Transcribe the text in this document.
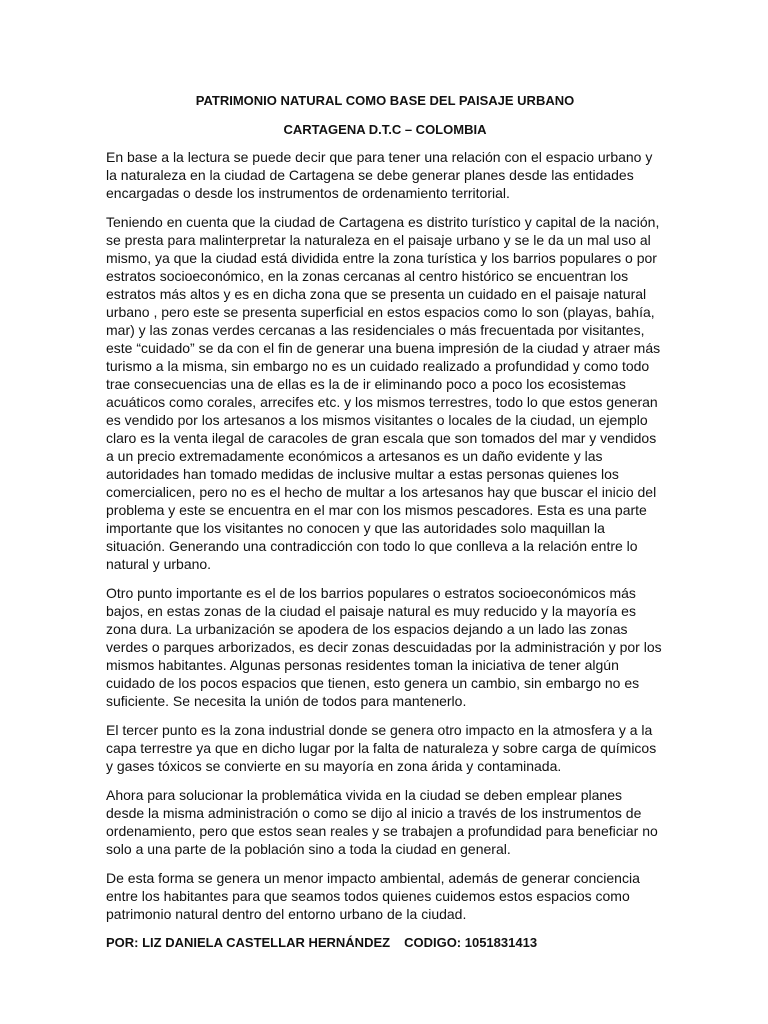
PATRIMONIO NATURAL COMO BASE DEL PAISAJE URBANO
CARTAGENA D.T.C – COLOMBIA

En base a la lectura se puede decir que para tener una relación con el espacio urbano y la naturaleza en la ciudad de Cartagena se debe generar planes desde las entidades encargadas o desde los instrumentos de ordenamiento territorial.

Teniendo en cuenta que la ciudad de Cartagena es distrito turístico y capital de la nación, se presta para malinterpretar la naturaleza en el paisaje urbano y se le da un mal uso al mismo, ya que la ciudad está dividida entre la zona turística y los barrios populares o por estratos socioeconómico, en la zonas cercanas al centro histórico se encuentran los estratos más altos y es en dicha zona que se presenta un cuidado en el paisaje natural urbano , pero este se presenta superficial en estos espacios como lo son (playas, bahía, mar) y las zonas verdes cercanas a las residenciales o más frecuentada por visitantes, este “cuidado” se da con el fin de generar una buena impresión de la ciudad y atraer más turismo a la misma, sin embargo no es un cuidado realizado a profundidad y como todo trae consecuencias una de ellas es la de ir eliminando poco a poco los ecosistemas acuáticos como corales, arrecifes etc. y los mismos terrestres, todo lo que estos generan es vendido por los artesanos a los mismos visitantes o locales de la ciudad, un ejemplo claro es la venta ilegal de caracoles de gran escala que son tomados del mar y vendidos a un precio extremadamente económicos a artesanos es un daño evidente y las autoridades han tomado medidas de inclusive multar a estas personas quienes los comercialicen, pero no es el hecho de multar a los artesanos hay que buscar el inicio del problema y este se encuentra en el mar con los mismos pescadores. Esta es una parte importante que los visitantes no conocen y que las autoridades solo maquillan la situación. Generando una contradicción con todo lo que conlleva a la relación entre lo natural y urbano.

Otro punto importante es el de los barrios populares o estratos socioeconómicos más bajos, en estas zonas de la ciudad el paisaje natural es muy reducido y la mayoría es zona dura. La urbanización se apodera de los espacios dejando a un lado las zonas verdes o parques arborizados, es decir zonas descuidadas por la administración y por los mismos habitantes. Algunas personas residentes toman la iniciativa de tener algún cuidado de los pocos espacios que tienen, esto genera un cambio, sin embargo no es suficiente. Se necesita la unión de todos para mantenerlo.

El tercer punto es la zona industrial donde se genera otro impacto en la atmosfera y a la capa terrestre ya que en dicho lugar por la falta de naturaleza y sobre carga de químicos y gases tóxicos se convierte en su mayoría en zona árida y contaminada.

Ahora para solucionar la problemática vivida en la ciudad se deben emplear planes desde la misma administración o como se dijo al inicio a través de los instrumentos de ordenamiento, pero que estos sean reales y se trabajen a profundidad para beneficiar no solo a una parte de la población sino a toda la ciudad en general.

De esta forma se genera un menor impacto ambiental, además de generar conciencia entre los habitantes para que seamos todos quienes cuidemos estos espacios como patrimonio natural dentro del entorno urbano de la ciudad.

POR: LIZ DANIELA CASTELLAR HERNÁNDEZ CODIGO: 1051831413
